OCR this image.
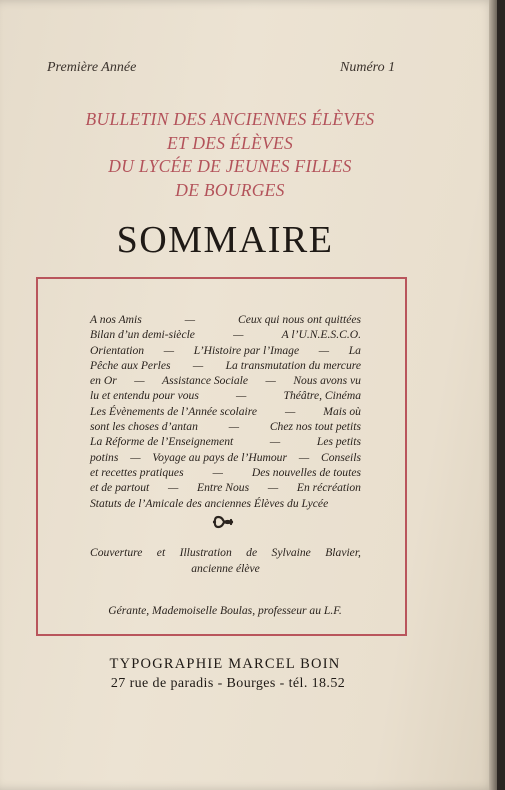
Première Année	Numéro 1
BULLETIN DES ANCIENNES ÉLÈVES
ET DES ÉLÈVES
DU LYCÉE DE JEUNES FILLES
DE BOURGES
SOMMAIRE
A nos Amis	—	Ceux qui nous ont quittées
Bilan d’un demi-siècle	—	A l’U.N.E.S.C.O.
Orientation — L’Histoire par l’Image — La
Pêche aux Perles — La transmutation du mercure
en Or — Assistance Sociale — Nous avons vu
lu et entendu pour vous	—	Théâtre, Cinéma
Les Évènements de l’Année scolaire — Mais où
sont les choses d’antan	—	Chez nos tout petits
La Réforme de l’Enseignement	—	Les petits
potins — Voyage au pays de l’Humour — Conseils
et recettes pratiques — Des nouvelles de toutes
et de partout — Entre Nous — En récréation
Statuts de l’Amicale des anciennes Élèves du Lycée
Couverture et Illustration de Sylvaine Blavier,
ancienne élève
Gérante, Mademoiselle Boulas, professeur au L.F.
TYPOGRAPHIE MARCEL BOIN
27 rue de paradis - Bourges - tél. 18.52
